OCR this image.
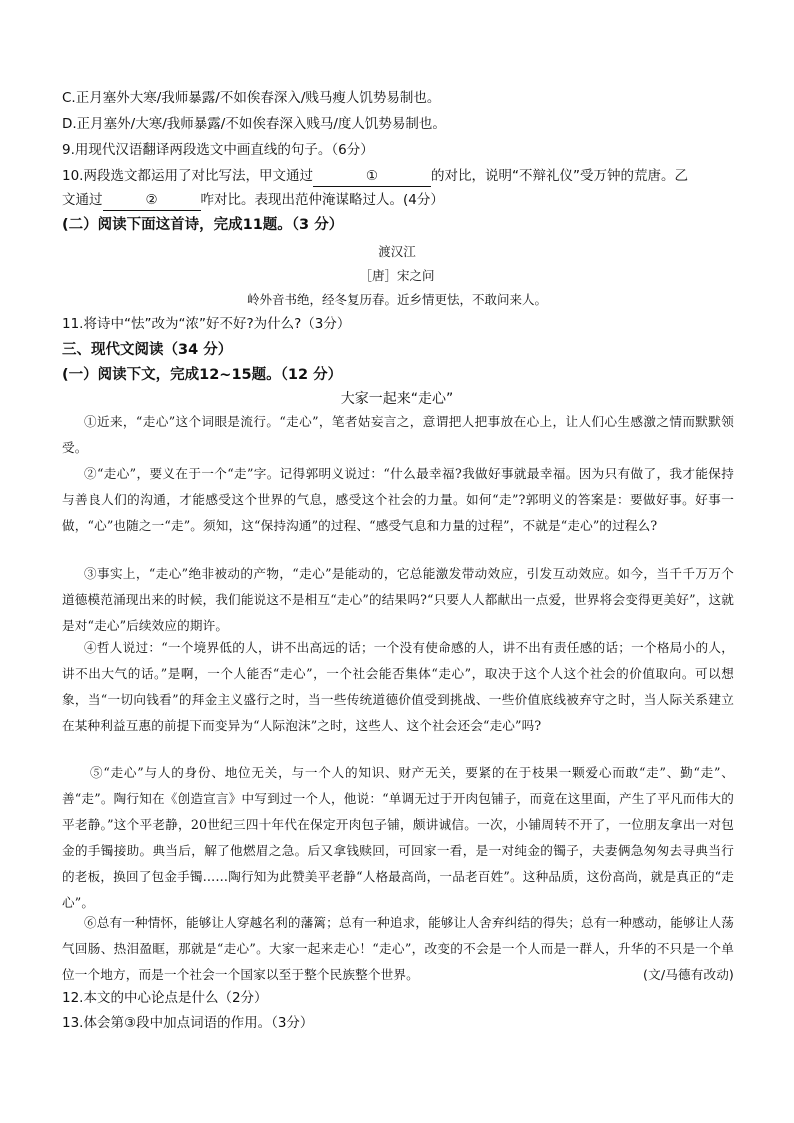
C.正月塞外大寒/我师暴露/不如俟春深入/贱马瘦人饥势易制也。
D.正月塞外/大寒/我师暴露/不如俟春深入贱马/度人饥势易制也。
9.用现代汉语翻译两段选文中画直线的句子。（6分）
10.两段选文都运用了对比写法，甲文通过	①	的对比，说明“不辩礼仪”受万钟的荒唐。乙
文通过	②	咋对比。表现出范仲淹谋略过人。(4分）
(二）阅读下面这首诗，完成11题。（3 分）
渡汉江
［唐］宋之问
岭外音书绝，经冬复历春。近乡情更怯，不敢问来人。
11.将诗中“怯”改为“浓”好不好?为什么?（3分）
三、现代文阅读（34 分）
(一）阅读下文，完成12~15题。（12 分）
大家一起来“走心”
①近来，“走心”这个词眼是流行。“走心”，笔者姑妄言之，意谓把人把事放在心上，让人们心生感激之情而默默领受。
②“走心”，要义在于一个“走”字。记得郭明义说过：“什么最幸福?我做好事就最幸福。因为只有做了，我才能保持与善良人们的沟通，才能感受这个世界的气息，感受这个社会的力量。如何“走”?郭明义的答案是：要做好事。好事一做，“心”也随之一“走”。须知，这“保持沟通”的过程、“感受气息和力量的过程”，不就是“走心”的过程么?
③事实上，“走心”绝非被动的产物，“走心”是能动的，它总能激发带动效应，引发互动效应。如今，当千千万万个道德模范涌现出来的时候，我们能说这不是相互“走心”的结果吗?“只要人人都献出一点爱，世界将会变得更美好”，这就是对“走心”后续效应的期许。
④哲人说过：“一个境界低的人，讲不出高远的话；一个没有使命感的人，讲不出有责任感的话；一个格局小的人，讲不出大气的话。”是啊，一个人能否“走心”，一个社会能否集体“走心”，取决于这个人这个社会的价值取向。可以想象，当“一切向钱看”的拜金主义盛行之时，当一些传统道德价值受到挑战、一些价值底线被弃守之时，当人际关系建立在某种利益互惠的前提下而变异为“人际泡沫”之时，这些人、这个社会还会“走心”吗?
⑤“走心”与人的身份、地位无关，与一个人的知识、财产无关，要紧的在于枝果一颗爱心而敢“走”、勤“走”、善“走”。陶行知在《创造宣言》中写到过一个人，他说：“单调无过于开肉包铺子，而竟在这里面，产生了平凡而伟大的平老静。”这个平老静，20世纪三四十年代在保定开肉包子铺，颇讲诚信。一次，小铺周转不开了，一位朋友拿出一对包金的手镯接助。典当后，解了他燃眉之急。后又拿钱赎回，可回家一看，是一对纯金的镯子，夫妻俩急匆匆去寻典当行的老板，换回了包金手镯……陶行知为此赞美平老静“人格最高尚，一品老百姓”。这种品质，这份高尚，就是真正的“走心”。
⑥总有一种情怀，能够让人穿越名利的藩篱；总有一种追求，能够让人舍弃纠结的得失；总有一种感动，能够让人荡气回肠、热泪盈眶，那就是“走心”。大家一起来走心！“走心”，改变的不会是一个人而是一群人，升华的不只是一个单位一个地方，而是一个社会一个国家以至于整个民族整个世界。	(文/马德有改动)
12.本文的中心论点是什么（2分）
13.体会第③段中加点词语的作用。（3分）
